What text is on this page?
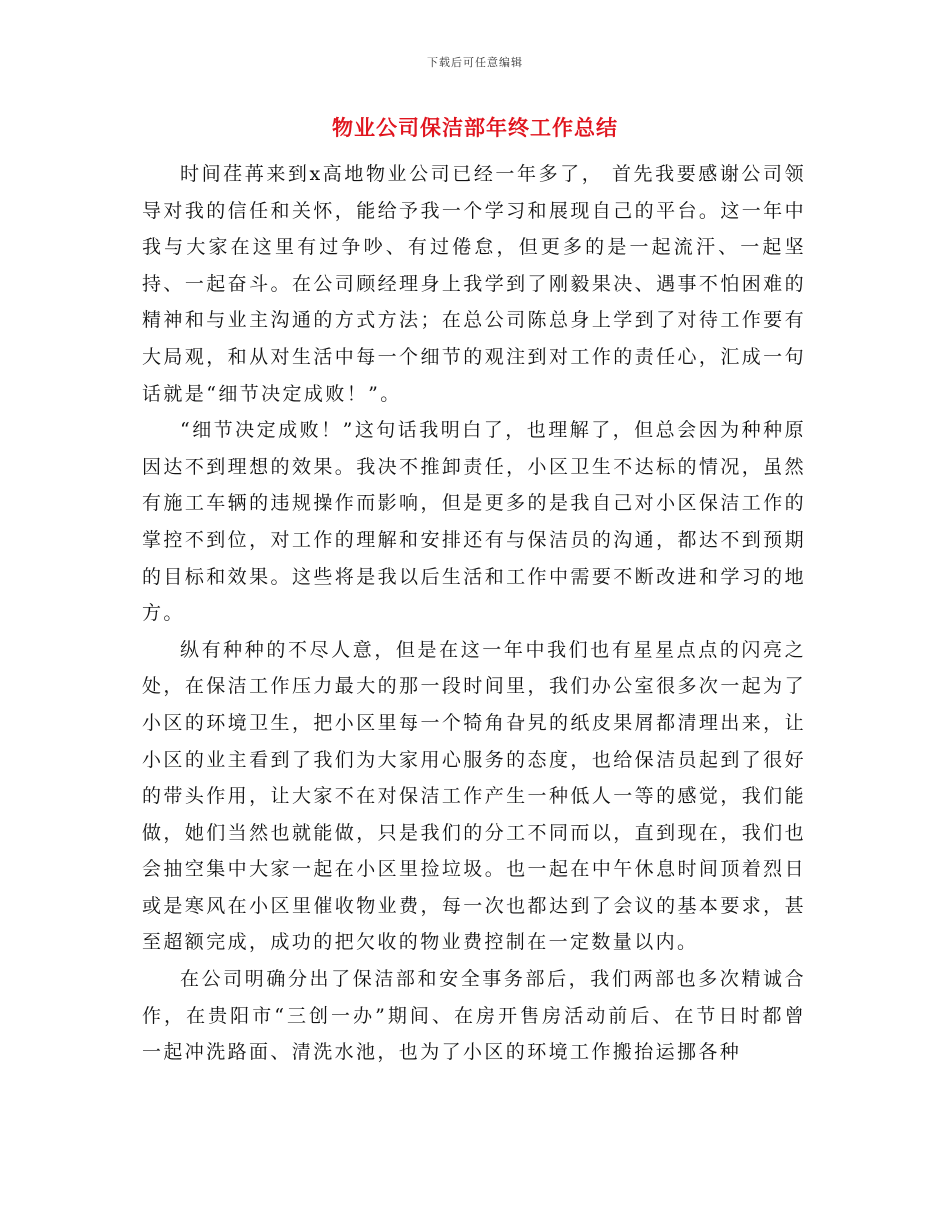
下载后可任意编辑
物业公司保洁部年终工作总结

时间荏苒来到x高地物业公司已经一年多了， 首先我要感谢公司领导对我的信任和关怀，能给予我一个学习和展现自己的平台。这一年中我与大家在这里有过争吵、有过倦怠，但更多的是一起流汗、一起坚持、一起奋斗。在公司顾经理身上我学到了刚毅果决、遇事不怕困难的精神和与业主沟通的方式方法；在总公司陈总身上学到了对待工作要有大局观，和从对生活中每一个细节的观注到对工作的责任心，汇成一句话就是“细节决定成败！”。

“细节决定成败！”这句话我明白了，也理解了，但总会因为种种原因达不到理想的效果。我决不推卸责任，小区卫生不达标的情况，虽然有施工车辆的违规操作而影响，但是更多的是我自己对小区保洁工作的掌控不到位，对工作的理解和安排还有与保洁员的沟通，都达不到预期的目标和效果。这些将是我以后生活和工作中需要不断改进和学习的地方。

纵有种种的不尽人意，但是在这一年中我们也有星星点点的闪亮之处，在保洁工作压力最大的那一段时间里，我们办公室很多次一起为了小区的环境卫生，把小区里每一个犄角旮旯的纸皮果屑都清理出来，让小区的业主看到了我们为大家用心服务的态度，也给保洁员起到了很好的带头作用，让大家不在对保洁工作产生一种低人一等的感觉，我们能做，她们当然也就能做，只是我们的分工不同而以，直到现在，我们也会抽空集中大家一起在小区里捡垃圾。也一起在中午休息时间顶着烈日或是寒风在小区里催收物业费，每一次也都达到了会议的基本要求，甚至超额完成，成功的把欠收的物业费控制在一定数量以内。

在公司明确分出了保洁部和安全事务部后，我们两部也多次精诚合作，在贵阳市“三创一办”期间、在房开售房活动前后、在节日时都曾一起冲洗路面、清洗水池，也为了小区的环境工作搬抬运挪各种
